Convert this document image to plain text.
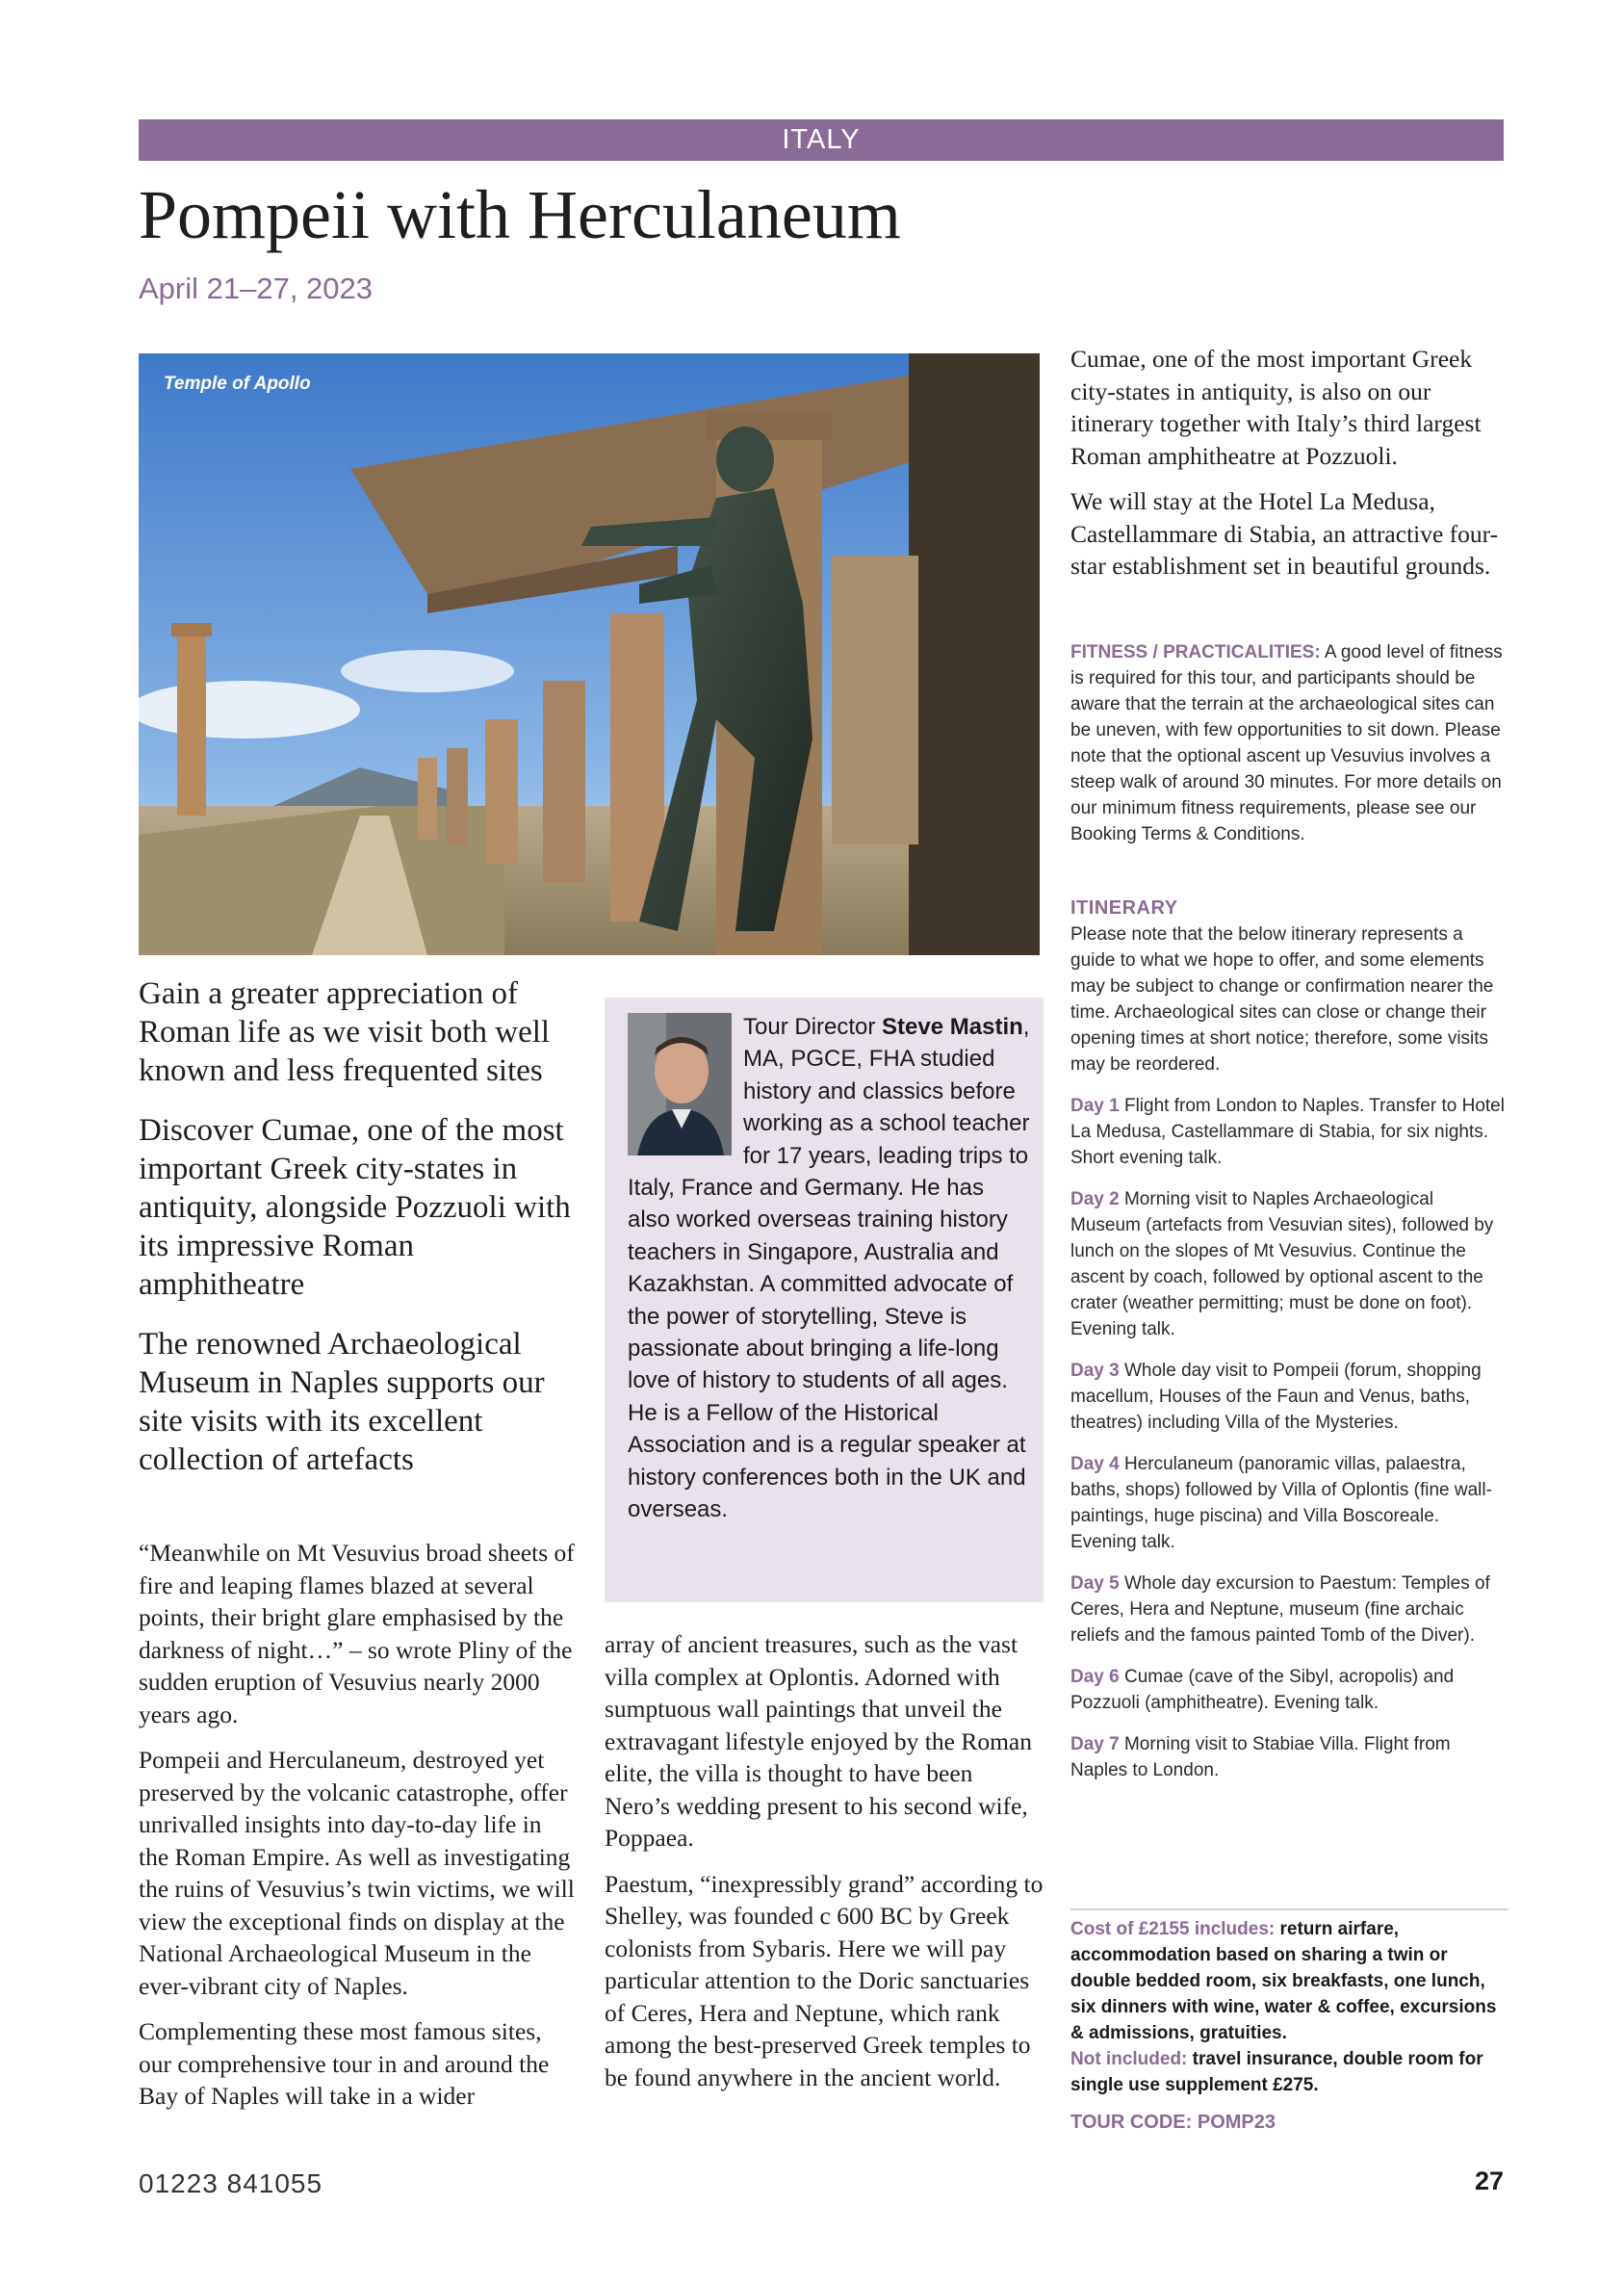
ITALY
Pompeii with Herculaneum
April 21–27, 2023
Temple of Apollo

Gain a greater appreciation of Roman life as we visit both well known and less frequented sites

Discover Cumae, one of the most important Greek city-states in antiquity, alongside Pozzuoli with its impressive Roman amphitheatre

The renowned Archaeological Museum in Naples supports our site visits with its excellent collection of artefacts

“Meanwhile on Mt Vesuvius broad sheets of fire and leaping flames blazed at several points, their bright glare emphasised by the darkness of night…” – so wrote Pliny of the sudden eruption of Vesuvius nearly 2000 years ago.

Pompeii and Herculaneum, destroyed yet preserved by the volcanic catastrophe, offer unrivalled insights into day-to-day life in the Roman Empire. As well as investigating the ruins of Vesuvius’s twin victims, we will view the exceptional finds on display at the National Archaeological Museum in the ever-vibrant city of Naples.

Complementing these most famous sites, our comprehensive tour in and around the Bay of Naples will take in a wider

Tour Director Steve Mastin, MA, PGCE, FHA studied history and classics before working as a school teacher for 17 years, leading trips to Italy, France and Germany. He has also worked overseas training history teachers in Singapore, Australia and Kazakhstan. A committed advocate of the power of storytelling, Steve is passionate about bringing a life-long love of history to students of all ages.
He is a Fellow of the Historical Association and is a regular speaker at history conferences both in the UK and overseas.

array of ancient treasures, such as the vast villa complex at Oplontis. Adorned with sumptuous wall paintings that unveil the extravagant lifestyle enjoyed by the Roman elite, the villa is thought to have been Nero’s wedding present to his second wife, Poppaea.

Paestum, “inexpressibly grand” according to Shelley, was founded c 600 BC by Greek colonists from Sybaris. Here we will pay particular attention to the Doric sanctuaries of Ceres, Hera and Neptune, which rank among the best-preserved Greek temples to be found anywhere in the ancient world.

Cumae, one of the most important Greek city-states in antiquity, is also on our itinerary together with Italy’s third largest Roman amphitheatre at Pozzuoli.

We will stay at the Hotel La Medusa, Castellammare di Stabia, an attractive four-star establishment set in beautiful grounds.

FITNESS / PRACTICALITIES: A good level of fitness is required for this tour, and participants should be aware that the terrain at the archaeological sites can be uneven, with few opportunities to sit down. Please note that the optional ascent up Vesuvius involves a steep walk of around 30 minutes. For more details on our minimum fitness requirements, please see our Booking Terms & Conditions.

ITINERARY

Please note that the below itinerary represents a guide to what we hope to offer, and some elements may be subject to change or confirmation nearer the time. Archaeological sites can close or change their opening times at short notice; therefore, some visits may be reordered.

Day 1 Flight from London to Naples. Transfer to Hotel La Medusa, Castellammare di Stabia, for six nights. Short evening talk.

Day 2 Morning visit to Naples Archaeological Museum (artefacts from Vesuvian sites), followed by lunch on the slopes of Mt Vesuvius. Continue the ascent by coach, followed by optional ascent to the crater (weather permitting; must be done on foot). Evening talk.

Day 3 Whole day visit to Pompeii (forum, shopping macellum, Houses of the Faun and Venus, baths, theatres) including Villa of the Mysteries.

Day 4 Herculaneum (panoramic villas, palaestra, baths, shops) followed by Villa of Oplontis (fine wall-paintings, huge piscina) and Villa Boscoreale. Evening talk.

Day 5 Whole day excursion to Paestum: Temples of Ceres, Hera and Neptune, museum (fine archaic reliefs and the famous painted Tomb of the Diver).

Day 6 Cumae (cave of the Sibyl, acropolis) and Pozzuoli (amphitheatre). Evening talk.

Day 7 Morning visit to Stabiae Villa. Flight from Naples to London.

Cost of £2155 includes: return airfare, accommodation based on sharing a twin or double bedded room, six breakfasts, one lunch, six dinners with wine, water & coffee, excursions & admissions, gratuities.
Not included: travel insurance, double room for single use supplement £275.
TOUR CODE: POMP23
01223 841055	27
